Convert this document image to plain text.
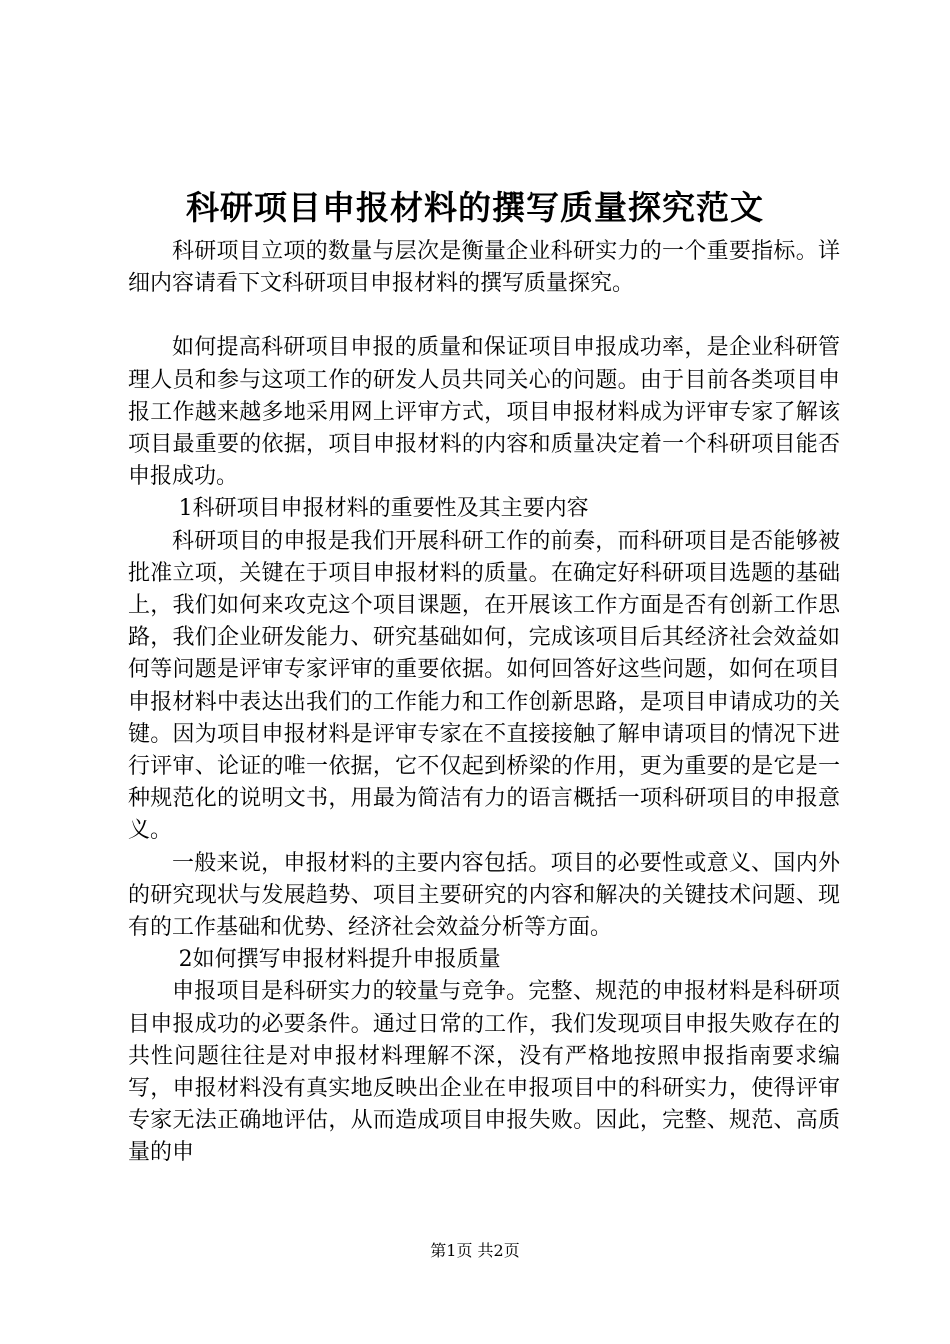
科研项目申报材料的撰写质量探究范文

科研项目立项的数量与层次是衡量企业科研实力的一个重要指标。详细内容请看下文科研项目申报材料的撰写质量探究。

如何提高科研项目申报的质量和保证项目申报成功率，是企业科研管理人员和参与这项工作的研发人员共同关心的问题。由于目前各类项目申报工作越来越多地采用网上评审方式，项目申报材料成为评审专家了解该项目最重要的依据，项目申报材料的内容和质量决定着一个科研项目能否申报成功。

1科研项目申报材料的重要性及其主要内容

科研项目的申报是我们开展科研工作的前奏，而科研项目是否能够被批准立项，关键在于项目申报材料的质量。在确定好科研项目选题的基础上，我们如何来攻克这个项目课题，在开展该工作方面是否有创新工作思路，我们企业研发能力、研究基础如何，完成该项目后其经济社会效益如何等问题是评审专家评审的重要依据。如何回答好这些问题，如何在项目申报材料中表达出我们的工作能力和工作创新思路，是项目申请成功的关键。因为项目申报材料是评审专家在不直接接触了解申请项目的情况下进行评审、论证的唯一依据，它不仅起到桥梁的作用，更为重要的是它是一种规范化的说明文书，用最为简洁有力的语言概括一项科研项目的申报意义。

一般来说，申报材料的主要内容包括。项目的必要性或意义、国内外的研究现状与发展趋势、项目主要研究的内容和解决的关键技术问题、现有的工作基础和优势、经济社会效益分析等方面。

2如何撰写申报材料提升申报质量

申报项目是科研实力的较量与竞争。完整、规范的申报材料是科研项目申报成功的必要条件。通过日常的工作，我们发现项目申报失败存在的共性问题往往是对申报材料理解不深，没有严格地按照申报指南要求编写，申报材料没有真实地反映出企业在申报项目中的科研实力，使得评审专家无法正确地评估，从而造成项目申报失败。因此，完整、规范、高质量的申

第1页 共2页
